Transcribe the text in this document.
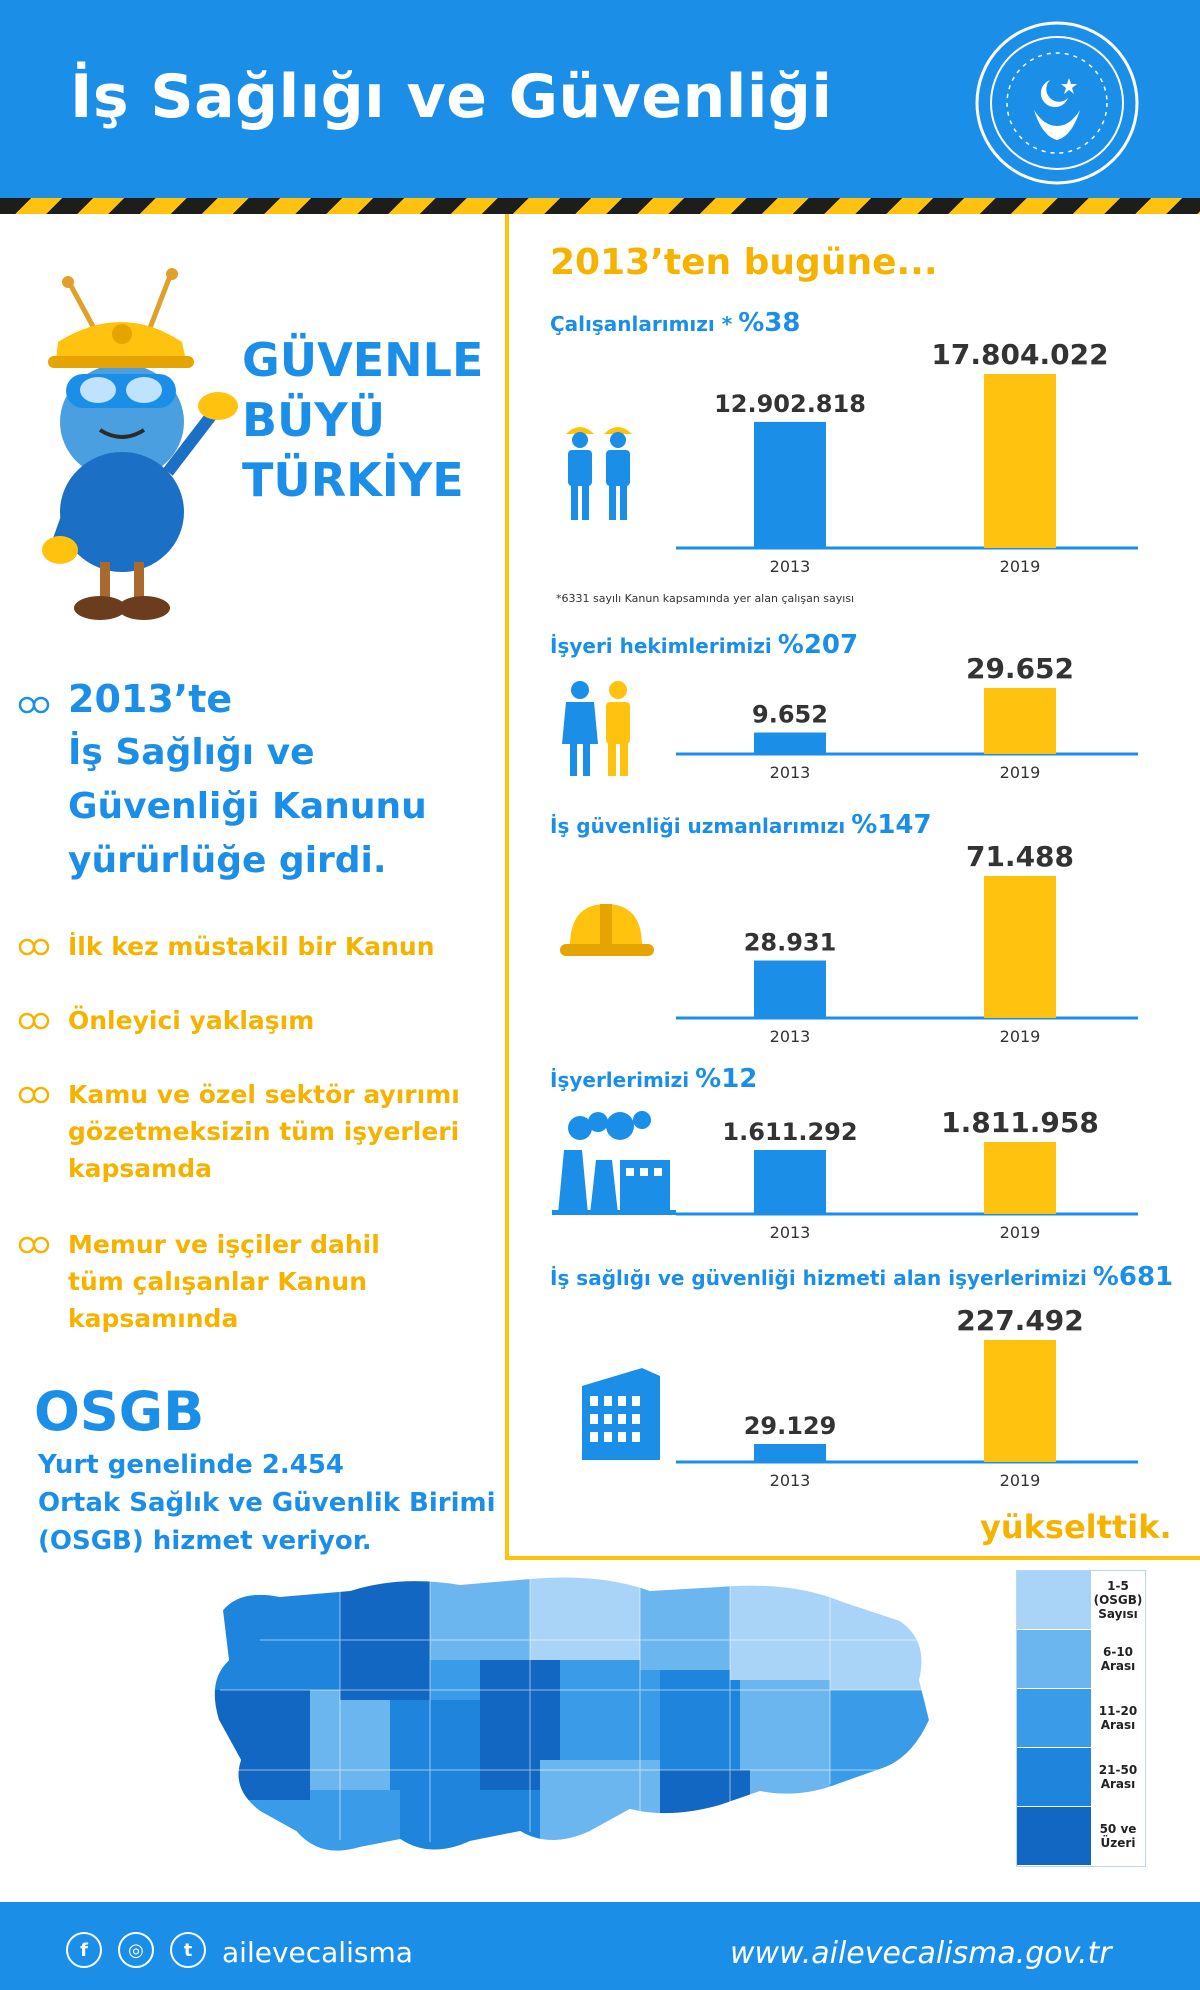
İş Sağlığı ve Güvenliği
GÜVENLE
BÜYÜ
TÜRKİYE
2013’te
İş Sağlığı ve
Güvenliği Kanunu
yürürlüğe girdi.
İlk kez müstakil bir Kanun
Önleyici yaklaşım
Kamu ve özel sektör ayırımı
gözetmeksizin tüm işyerleri
kapsamda
Memur ve işçiler dahil
tüm çalışanlar Kanun
kapsamında
OSGB
Yurt genelinde 2.454
Ortak Sağlık ve Güvenlik Birimi
(OSGB) hizmet veriyor.
2013’ten bugüne...
Çalışanlarımızı * %38
İşyeri hekimlerimizi %207
İş güvenliği uzmanlarımızı %147
İşyerlerimizi %12
İş sağlığı ve güvenliği hizmeti alan işyerlerimizi %681
*6331 sayılı Kanun kapsamında yer alan çalışan sayısı
12.902.818
2013
17.804.022
2019
9.652
2013
29.652
2019
28.931
2013
71.488
2019
1.611.292
2013
1.811.958
2019
29.129
2013
227.492
2019
yükselttik.
1-5 (OSGB) Sayısı
6-10 Arası
11-20 Arası
21-50 Arası
50 ve Üzeri
f	◎	t	ailevecalisma	www.ailevecalisma.gov.tr
